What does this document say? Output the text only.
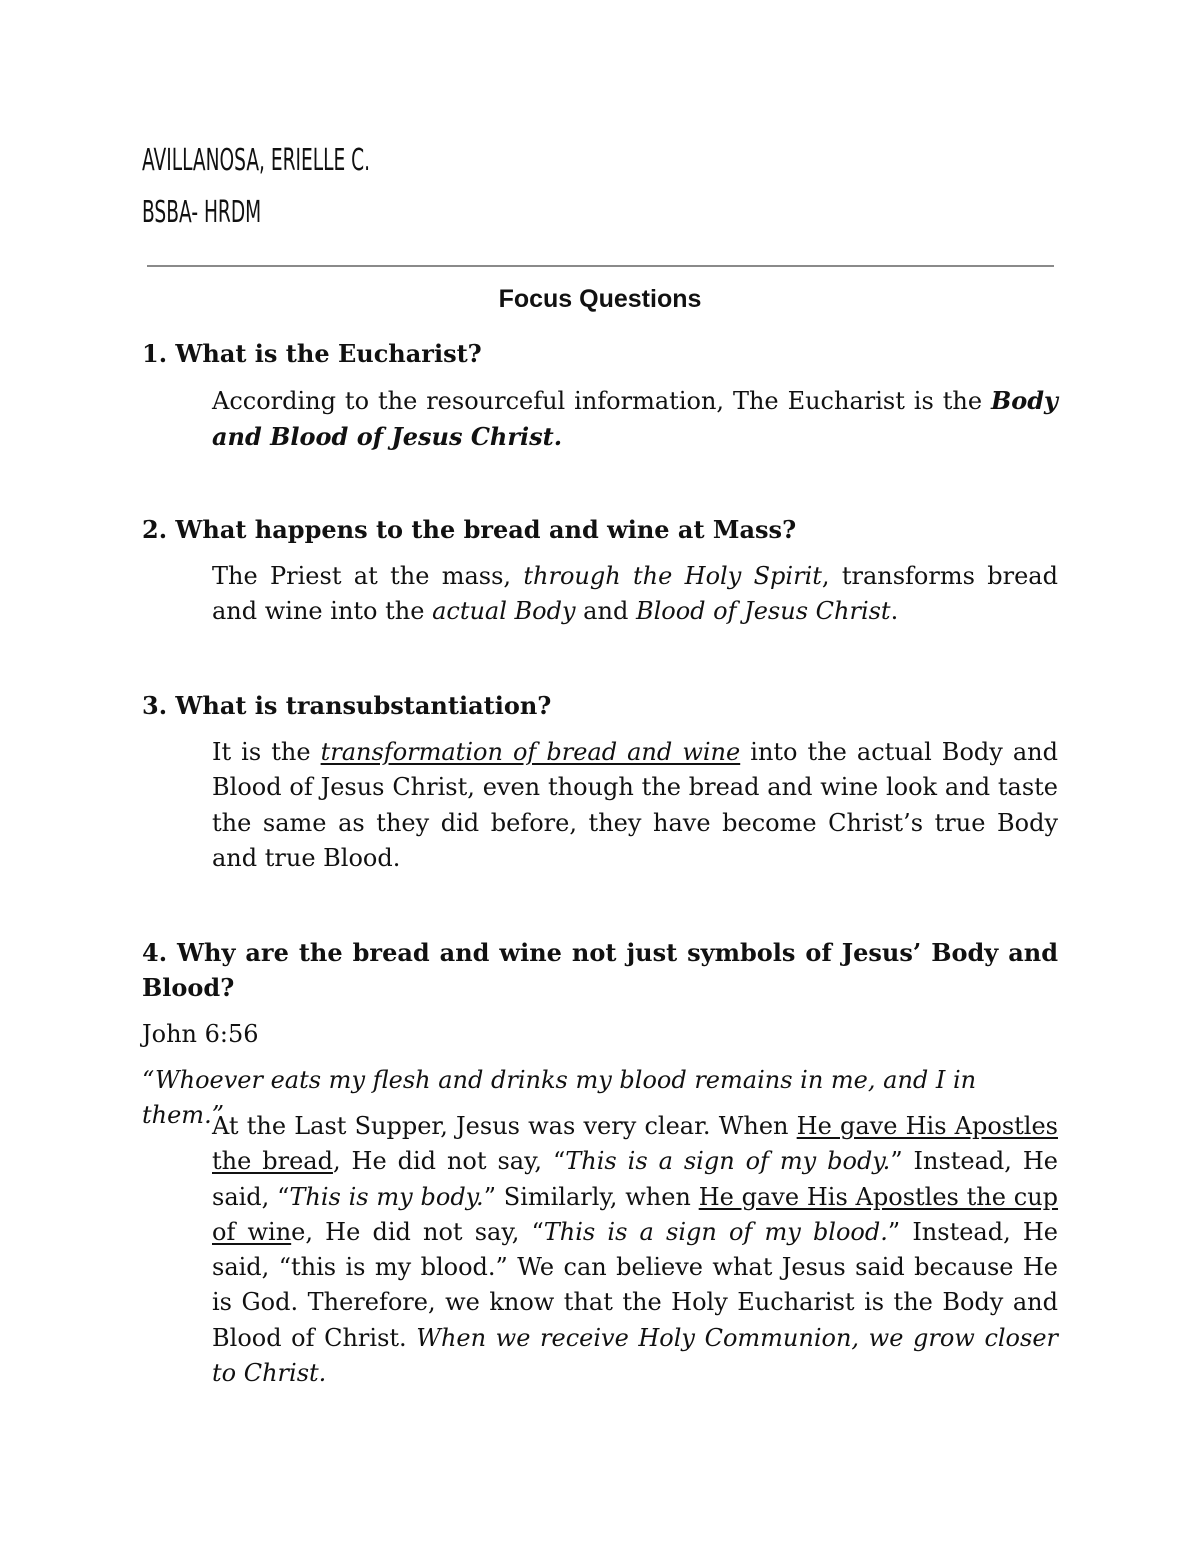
AVILLANOSA, ERIELLE C.
BSBA- HRDM
Focus Questions
1. What is the Eucharist?
According to the resourceful information, The Eucharist is the Body and Blood of Jesus Christ.
2. What happens to the bread and wine at Mass?
The Priest at the mass, through the Holy Spirit, transforms bread and wine into the actual Body and Blood of Jesus Christ.
3. What is transubstantiation?
It is the transformation of bread and wine into the actual Body and Blood of Jesus Christ, even though the bread and wine look and taste the same as they did before, they have become Christ’s true Body and true Blood.
4. Why are the bread and wine not just symbols of Jesus’ Body and Blood?
John 6:56
“Whoever eats my flesh and drinks my blood remains in me, and I in them.”
At the Last Supper, Jesus was very clear. When He gave His Apostles the bread, He did not say, “This is a sign of my body.” Instead, He said, “This is my body.” Similarly, when He gave His Apostles the cup of wine, He did not say, “This is a sign of my blood.” Instead, He said, “this is my blood.” We can believe what Jesus said because He is God. Therefore, we know that the Holy Eucharist is the Body and Blood of Christ. When we receive Holy Communion, we grow closer to Christ.
